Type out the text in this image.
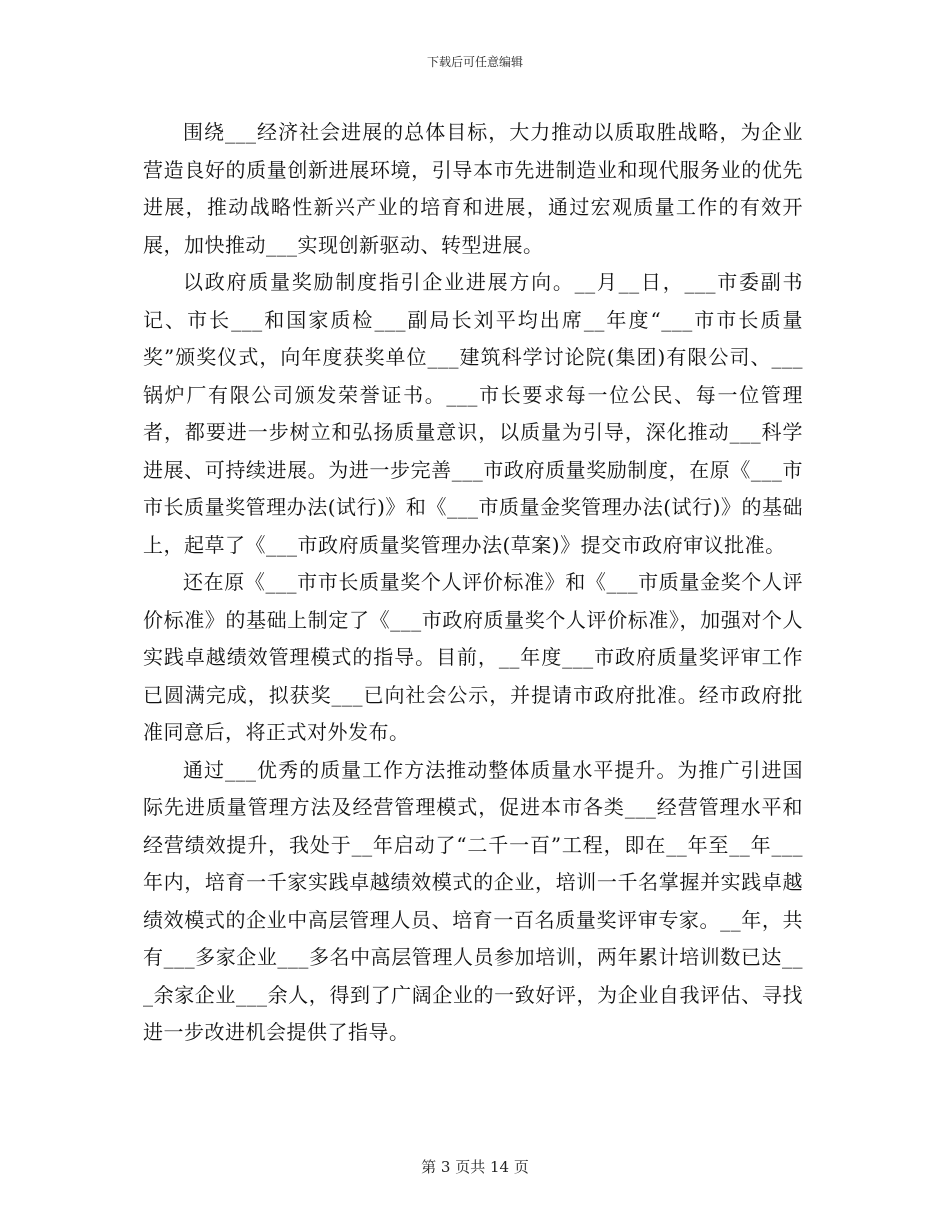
下载后可任意编辑

围绕___经济社会进展的总体目标，大力推动以质取胜战略，为企业营造良好的质量创新进展环境，引导本市先进制造业和现代服务业的优先进展，推动战略性新兴产业的培育和进展，通过宏观质量工作的有效开展，加快推动___实现创新驱动、转型进展。

以政府质量奖励制度指引企业进展方向。__月__日，___市委副书记、市长___和国家质检___副局长刘平均出席__年度“___市市长质量奖”颁奖仪式，向年度获奖单位___建筑科学讨论院(集团)有限公司、___锅炉厂有限公司颁发荣誉证书。___市长要求每一位公民、每一位管理者，都要进一步树立和弘扬质量意识，以质量为引导，深化推动___科学进展、可持续进展。为进一步完善___市政府质量奖励制度，在原《___市市长质量奖管理办法(试行)》和《___市质量金奖管理办法(试行)》的基础上，起草了《___市政府质量奖管理办法(草案)》提交市政府审议批准。

还在原《___市市长质量奖个人评价标准》和《___市质量金奖个人评价标准》的基础上制定了《___市政府质量奖个人评价标准》，加强对个人实践卓越绩效管理模式的指导。目前，__年度___市政府质量奖评审工作已圆满完成，拟获奖___已向社会公示，并提请市政府批准。经市政府批准同意后，将正式对外发布。

通过___优秀的质量工作方法推动整体质量水平提升。为推广引进国际先进质量管理方法及经营管理模式，促进本市各类___经营管理水平和经营绩效提升，我处于__年启动了“二千一百”工程，即在__年至__年___年内，培育一千家实践卓越绩效模式的企业，培训一千名掌握并实践卓越绩效模式的企业中高层管理人员、培育一百名质量奖评审专家。__年，共有___多家企业___多名中高层管理人员参加培训，两年累计培训数已达___余家企业___余人，得到了广阔企业的一致好评，为企业自我评估、寻找进一步改进机会提供了指导。

第 3 页共 14 页
